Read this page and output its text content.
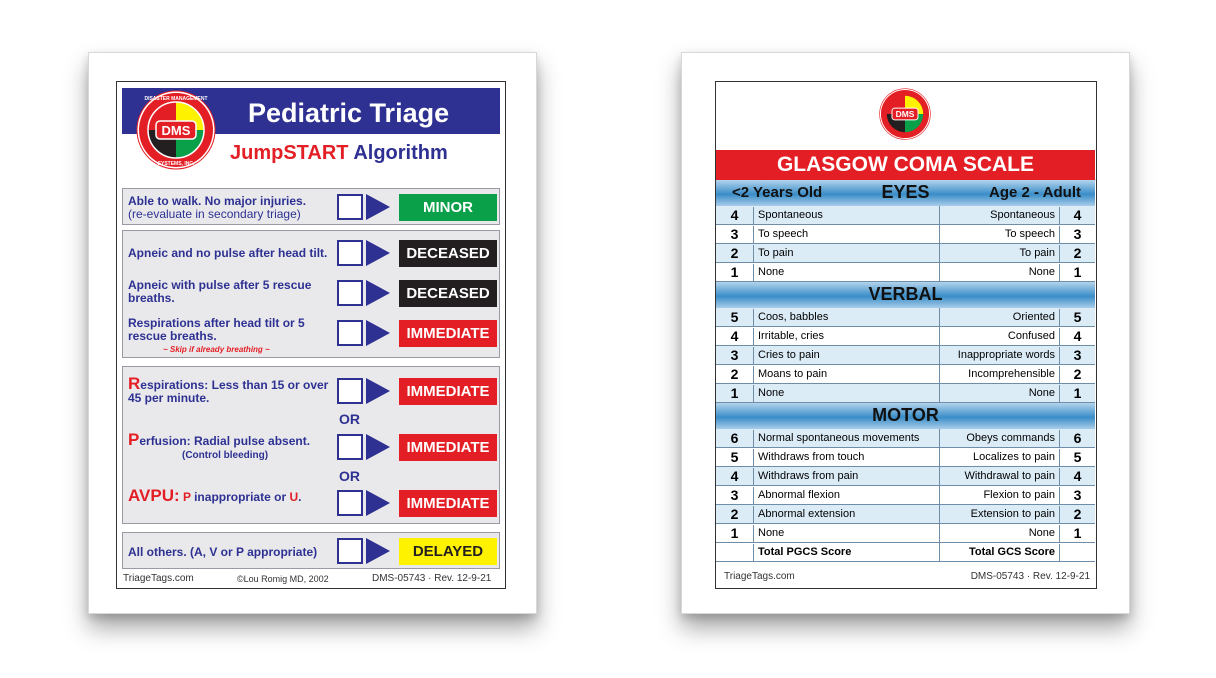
Pediatric Triage
JumpSTART Algorithm
DMS
DISASTER MANAGEMENT
SYSTEMS, INC.
Able to walk. No major injuries.
(re-evaluate in secondary triage)	MINOR
Apneic and no pulse after head tilt.	DECEASED
Apneic with pulse after 5 rescue breaths.	DECEASED
Respirations after head tilt or 5 rescue breaths.
~ Skip if already breathing ~
IMMEDIATE
Respirations: Less than 15 or over 45 per minute.	IMMEDIATE
OR
Perfusion: Radial pulse absent.
(Control bleeding)	IMMEDIATE
OR
AVPU: P inappropriate or U.	IMMEDIATE
All others. (A, V or P appropriate)	DELAYED
TriageTags.com	©Lou Romig MD, 2002	DMS-05743 · Rev. 12-9-21
DMS
GLASGOW COMA SCALE
<2 Years Old	Age 2 - Adult
EYES
4	Spontaneous	Spontaneous	4
3	To speech	To speech	3
2	To pain	To pain	2
1	None	None	1
VERBAL
5	Coos, babbles	Oriented	5
4	Irritable, cries	Confused	4
3	Cries to pain	Inappropriate words	3
2	Moans to pain	Incomprehensible	2
1	None	None	1
MOTOR
6	Normal spontaneous movements	Obeys commands	6
5	Withdraws from touch	Localizes to pain	5
4	Withdraws from pain	Withdrawal to pain	4
3	Abnormal flexion	Flexion to pain	3
2	Abnormal extension	Extension to pain	2
1	None	None	1
Total PGCS Score	Total GCS Score
TriageTags.com	DMS-05743 · Rev. 12-9-21
